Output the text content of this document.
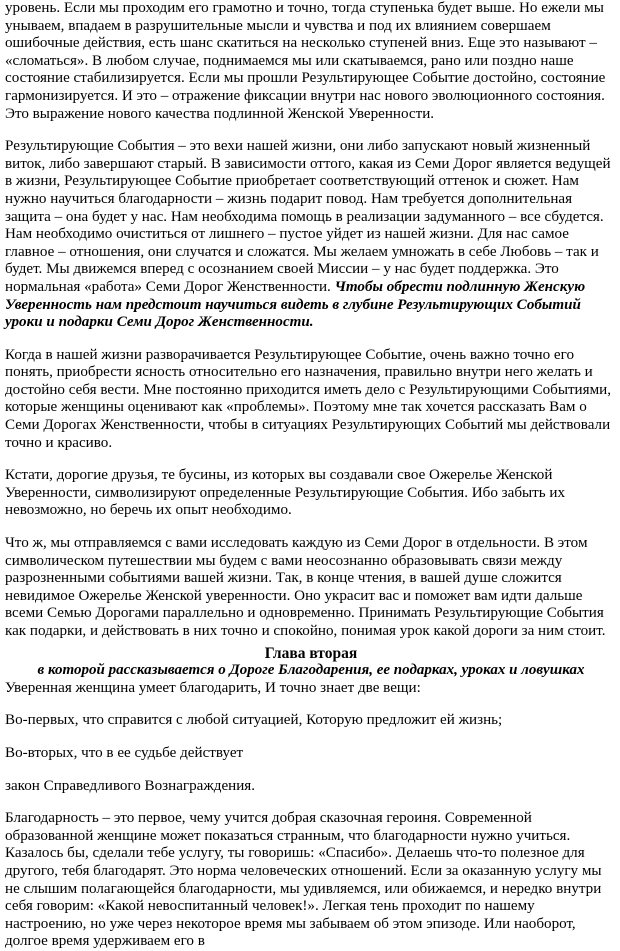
уровень. Если мы проходим его грамотно и точно, тогда ступенька будет выше. Но ежели мы унываем, впадаем в разрушительные мысли и чувства и под их влиянием совершаем ошибочные действия, есть шанс скатиться на несколько ступеней вниз. Еще это называют – «сломаться». В любом случае, поднимаемся мы или скатываемся, рано или поздно наше состояние стабилизируется. Если мы прошли Результирующее Событие достойно, состояние гармонизируется. И это – отражение фиксации внутри нас нового эволюционного состояния. Это выражение нового качества подлинной Женской Уверенности.

Результирующие События – это вехи нашей жизни, они либо запускают новый жизненный виток, либо завершают старый. В зависимости оттого, какая из Семи Дорог является ведущей в жизни, Результирующее Событие приобретает соответствующий оттенок и сюжет. Нам нужно научиться благодарности – жизнь подарит повод. Нам требуется дополнительная защита – она будет у нас. Нам необходима помощь в реализации задуманного – все сбудется. Нам необходимо очиститься от лишнего – пустое уйдет из нашей жизни. Для нас самое главное – отношения, они случатся и сложатся. Мы желаем умножать в себе Любовь – так и будет. Мы движемся вперед с осознанием своей Миссии – у нас будет поддержка. Это нормальная «работа» Семи Дорог Женственности. Чтобы обрести подлинную Женскую Уверенность нам предстоит научиться видеть в глубине Результирующих Событий уроки и подарки Семи Дорог Женственности.

Когда в нашей жизни разворачивается Результирующее Событие, очень важно точно его понять, приобрести ясность относительно его назначения, правильно внутри него желать и достойно себя вести. Мне постоянно приходится иметь дело с Результирующими Событиями, которые женщины оценивают как «проблемы». Поэтому мне так хочется рассказать Вам о Семи Дорогах Женственности, чтобы в ситуациях Результирующих Событий мы действовали точно и красиво.

Кстати, дорогие друзья, те бусины, из которых вы создавали свое Ожерелье Женской Уверенности, символизируют определенные Результирующие События. Ибо забыть их невозможно, но беречь их опыт необходимо.

Что ж, мы отправляемся с вами исследовать каждую из Семи Дорог в отдельности. В этом символическом путешествии мы будем с вами неосознанно образовывать связи между разрозненными событиями вашей жизни. Так, в конце чтения, в вашей душе сложится невидимое Ожерелье Женской уверенности. Оно украсит вас и поможет вам идти дальше всеми Семью Дорогами параллельно и одновременно. Принимать Результирующие События как подарки, и действовать в них точно и спокойно, понимая урок какой дороги за ним стоит.

Глава вторая

в которой рассказывается о Дороге Благодарения, ее подарках, уроках и ловушках

Уверенная женщина умеет благодарить, И точно знает две вещи:

Во-первых, что справится с любой ситуацией, Которую предложит ей жизнь;

Во-вторых, что в ее судьбе действует

закон Справедливого Вознаграждения.

Благодарность – это первое, чему учится добрая сказочная героиня. Современной образованной женщине может показаться странным, что благодарности нужно учиться. Казалось бы, сделали тебе услугу, ты говоришь: «Спасибо». Делаешь что-то полезное для другого, тебя благодарят. Это норма человеческих отношений. Если за оказанную услугу мы не слышим полагающейся благодарности, мы удивляемся, или обижаемся, и нередко внутри себя говорим: «Какой невоспитанный человек!». Легкая тень проходит по нашему настроению, но уже через некоторое время мы забываем об этом эпизоде. Или наоборот, долгое время удерживаем его в
